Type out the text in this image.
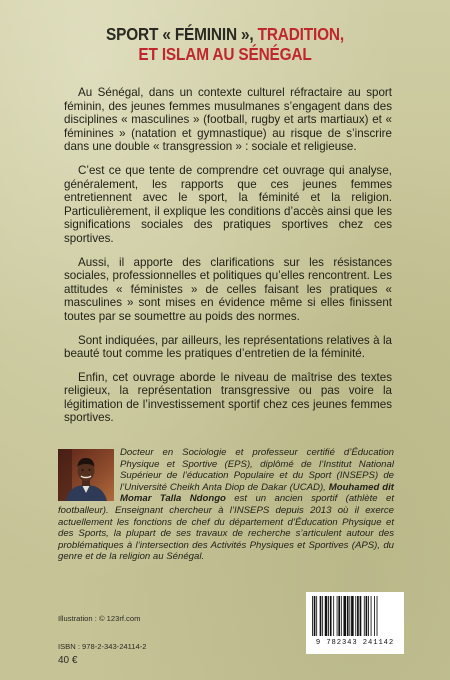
SPORT « FÉMININ », TRADITION,
ET ISLAM AU SÉNÉGAL

Au Sénégal, dans un contexte culturel réfractaire au sport féminin, des jeunes femmes musulmanes s’engagent dans des disciplines « masculines » (football, rugby et arts martiaux) et « féminines » (natation et gymnastique) au risque de s’inscrire dans une double « transgression » : sociale et religieuse.

C’est ce que tente de comprendre cet ouvrage qui analyse, généralement, les rapports que ces jeunes femmes entretiennent avec le sport, la féminité et la religion. Particulièrement, il explique les conditions d’accès ainsi que les significations sociales des pratiques sportives chez ces sportives.

Aussi, il apporte des clarifications sur les résistances sociales, professionnelles et politiques qu’elles rencontrent. Les attitudes « féministes » de celles faisant les pratiques « masculines » sont mises en évidence même si elles finissent toutes par se soumettre au poids des normes.

Sont indiquées, par ailleurs, les représentations relatives à la beauté tout comme les pratiques d’entretien de la féminité.

Enfin, cet ouvrage aborde le niveau de maîtrise des textes religieux, la représentation transgressive ou pas voire la légitimation de l’investissement sportif chez ces jeunes femmes sportives.

Docteur en Sociologie et professeur certifié d’Éducation Physique et Sportive (EPS), diplômé de l’Institut National Supérieur de l’éducation Populaire et du Sport (INSEPS) de l’Université Cheikh Anta Diop de Dakar (UCAD), Mouhamed dit Momar Talla Ndongo est un ancien sportif (athlète et footballeur). Enseignant chercheur à l’INSEPS depuis 2013 où il exerce actuellement les fonctions de chef du département d’Éducation Physique et des Sports, la plupart de ses travaux de recherche s’articulent autour des problématiques à l’intersection des Activités Physiques et Sportives (APS), du genre et de la religion au Sénégal.
Illustration : © 123rf.com
ISBN : 978-2-343-24114-2
40 €
9 782343 241142
